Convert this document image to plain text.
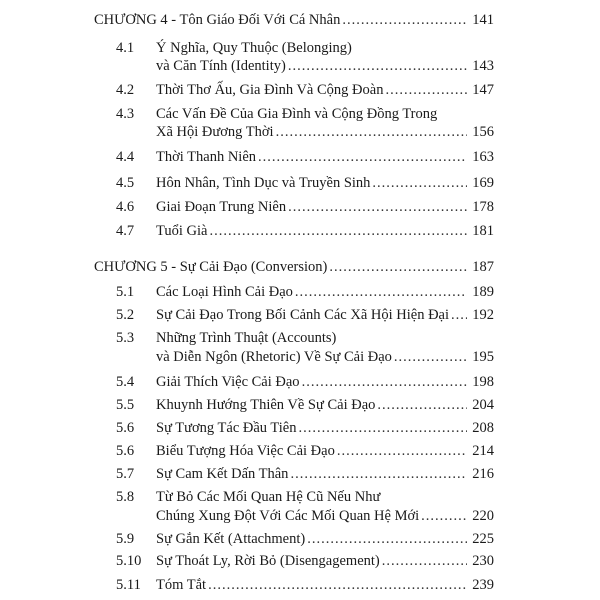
CHƯƠNG 4 - Tôn Giáo Đối Với Cá Nhân .....	141
4.1	Ý Nghĩa, Quy Thuộc (Belonging)
và Căn Tính (Identity) .....	143
4.2	Thời Thơ Ấu, Gia Đình Và Cộng Đoàn .....	147
4.3	Các Vấn Đề Của Gia Đình và Cộng Đồng Trong
Xã Hội Đương Thời .....	156
4.4	Thời Thanh Niên .....	163
4.5	Hôn Nhân, Tình Dục và Truyền Sinh .....	169
4.6	Giai Đoạn Trung Niên .....	178
4.7	Tuổi Già .....	181
CHƯƠNG 5 - Sự Cải Đạo (Conversion) .....	187
5.1	Các Loại Hình Cải Đạo .....	189
5.2	Sự Cải Đạo Trong Bối Cảnh Các Xã Hội Hiện Đại ..... 192
5.3	Những Trình Thuật (Accounts)
và Diễn Ngôn (Rhetoric) Về Sự Cải Đạo .....	195
5.4	Giải Thích Việc Cải Đạo .....	198
5.5	Khuynh Hướng Thiên Về Sự Cải Đạo .....	204
5.6	Sự Tương Tác Đầu Tiên .....	208
5.6	Biểu Tượng Hóa Việc Cải Đạo .....	214
5.7	Sự Cam Kết Dấn Thân .....	216
5.8	Từ Bỏ Các Mối Quan Hệ Cũ Nếu Như
Chúng Xung Đột Với Các Mối Quan Hệ Mới .....	220
5.9	Sự Gắn Kết (Attachment) .....	225
5.10	Sự Thoát Ly, Rời Bỏ (Disengagement) .....	230
5.11	Tóm Tắt .....	239
